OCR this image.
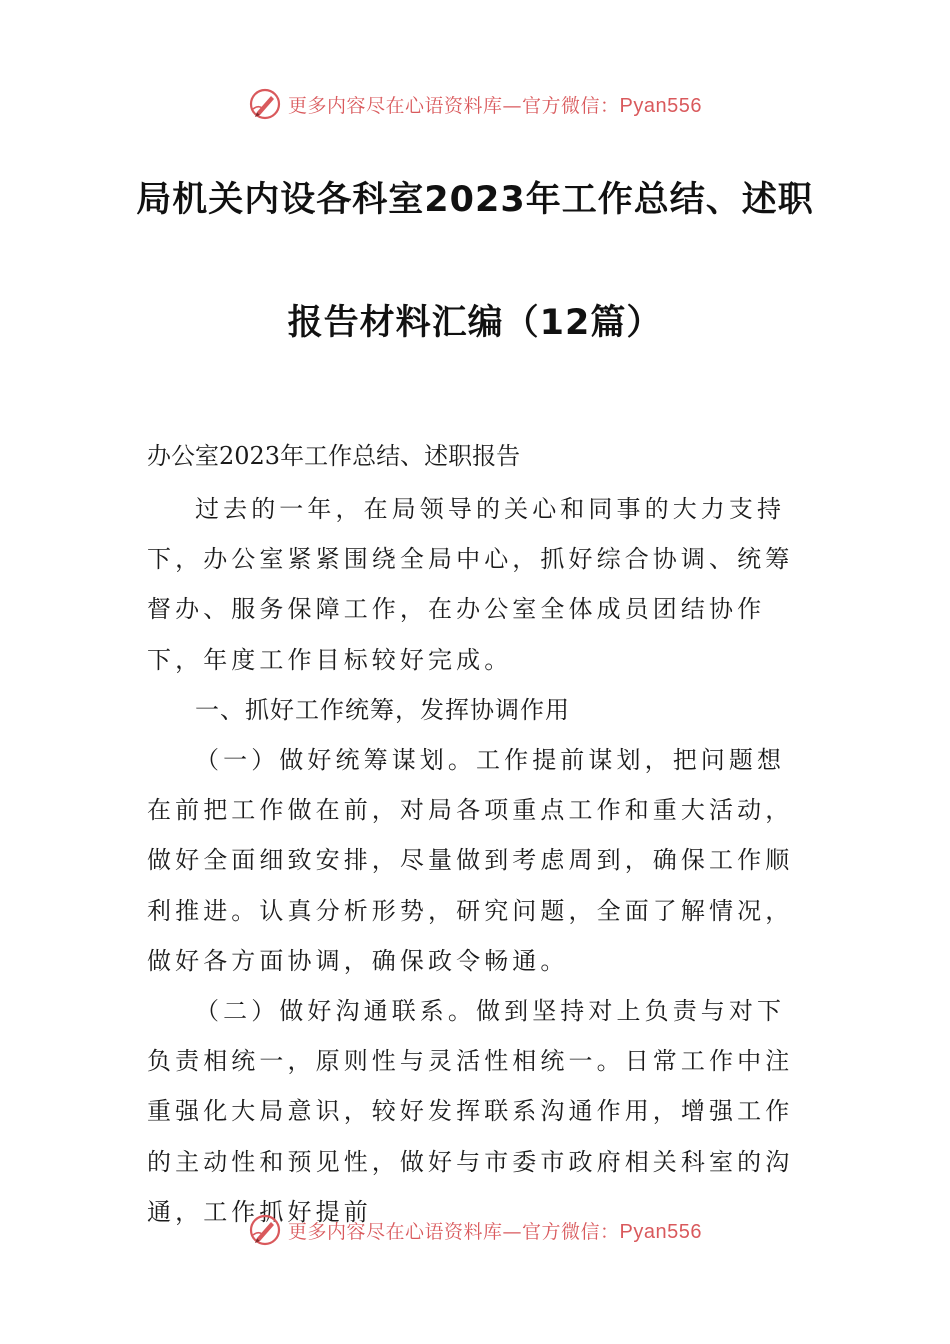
更多内容尽在心语资料库—官方微信：Pyan556
局机关内设各科室2023年工作总结、述职
报告材料汇编（12篇）
办公室2023年工作总结、述职报告

过去的一年，在局领导的关心和同事的大力支持下，办公室紧紧围绕全局中心，抓好综合协调、统筹督办、服务保障工作，在办公室全体成员团结协作下，年度工作目标较好完成。

一、抓好工作统筹，发挥协调作用

（一）做好统筹谋划。工作提前谋划，把问题想在前把工作做在前，对局各项重点工作和重大活动，做好全面细致安排，尽量做到考虑周到，确保工作顺利推进。认真分析形势，研究问题，全面了解情况，做好各方面协调，确保政令畅通。

（二）做好沟通联系。做到坚持对上负责与对下负责相统一，原则性与灵活性相统一。日常工作中注重强化大局意识，较好发挥联系沟通作用，增强工作的主动性和预见性，做好与市委市政府相关科室的沟通，工作抓好提前

更多内容尽在心语资料库—官方微信：Pyan556
